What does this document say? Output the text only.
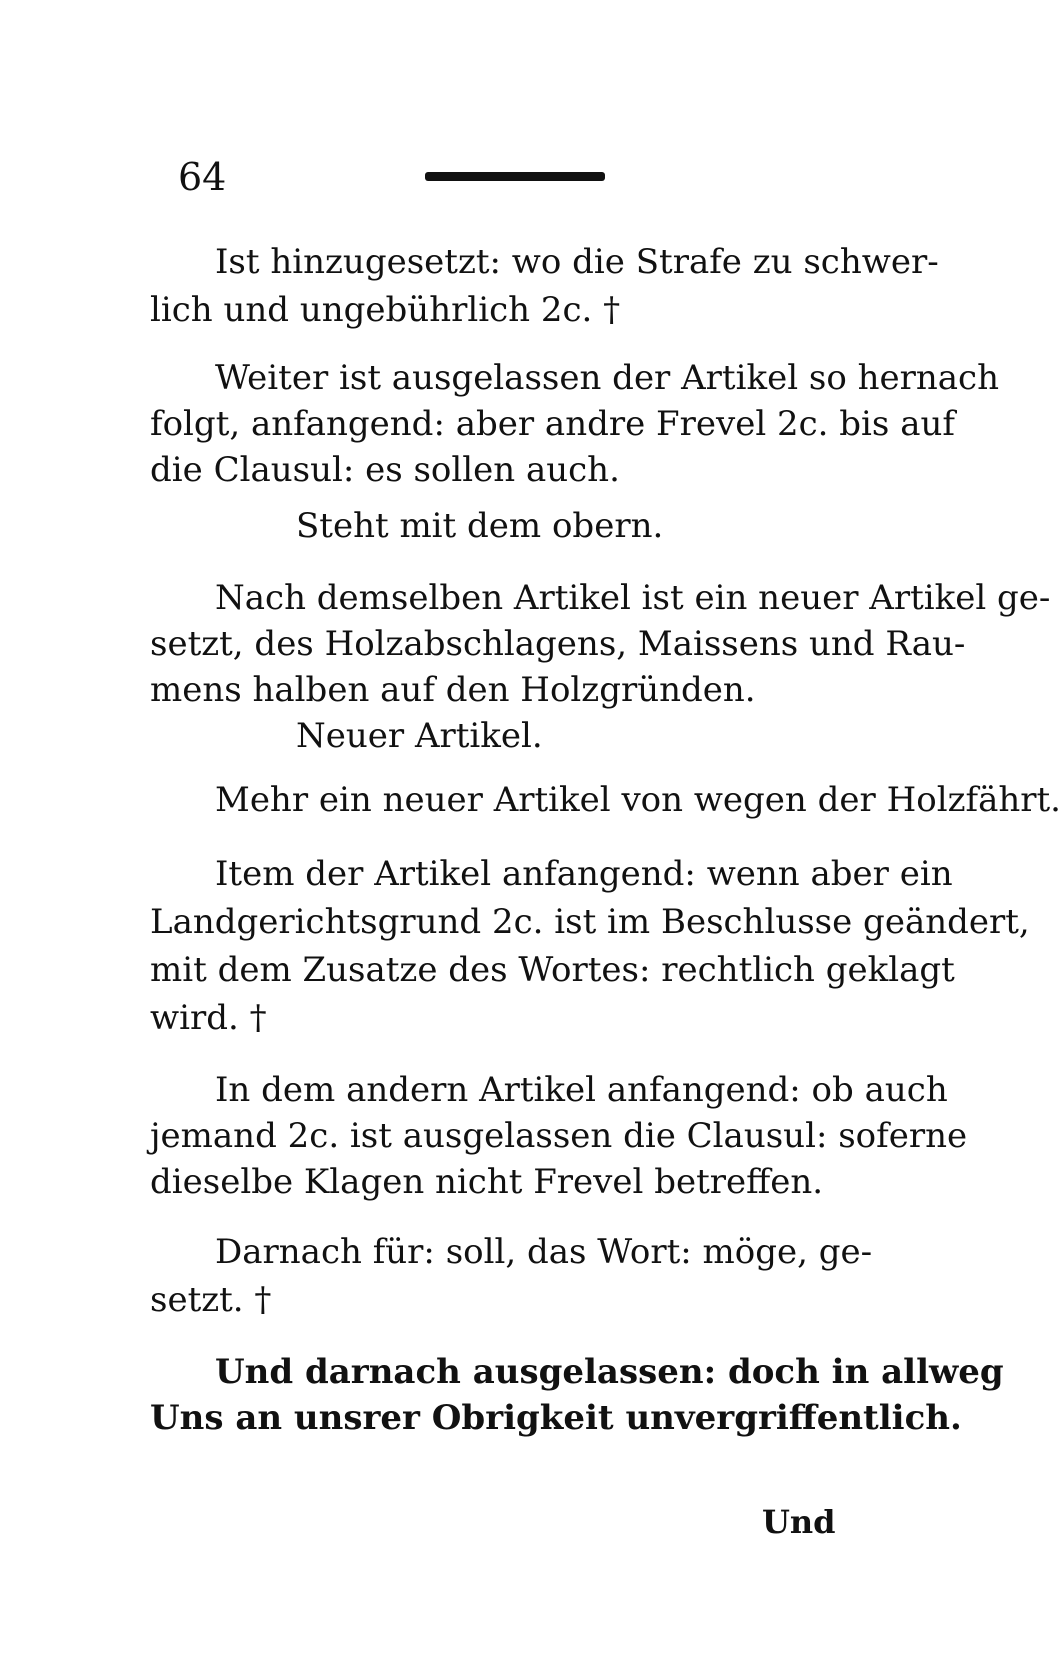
64
Ist hinzugesetzt: wo die Strafe zu schwer-
lich und ungebührlich 2c. †
Weiter ist ausgelassen der Artikel so hernach
folgt, anfangend: aber andre Frevel 2c. bis auf
die Clausul: es sollen auch.
Steht mit dem obern.
Nach demselben Artikel ist ein neuer Artikel ge-
setzt, des Holzabschlagens, Maissens und Rau-
mens halben auf den Holzgründen.
Neuer Artikel.
Mehr ein neuer Artikel von wegen der Holzfährt.
Item der Artikel anfangend: wenn aber ein
Landgerichtsgrund 2c. ist im Beschlusse geändert,
mit dem Zusatze des Wortes: rechtlich geklagt
wird. †
In dem andern Artikel anfangend: ob auch
jemand 2c. ist ausgelassen die Clausul: soferne
dieselbe Klagen nicht Frevel betreffen.
Darnach für: soll, das Wort: möge, ge-
setzt. †
Und darnach ausgelassen: doch in allweg
Uns an unsrer Obrigkeit unvergriffentlich.
Und
